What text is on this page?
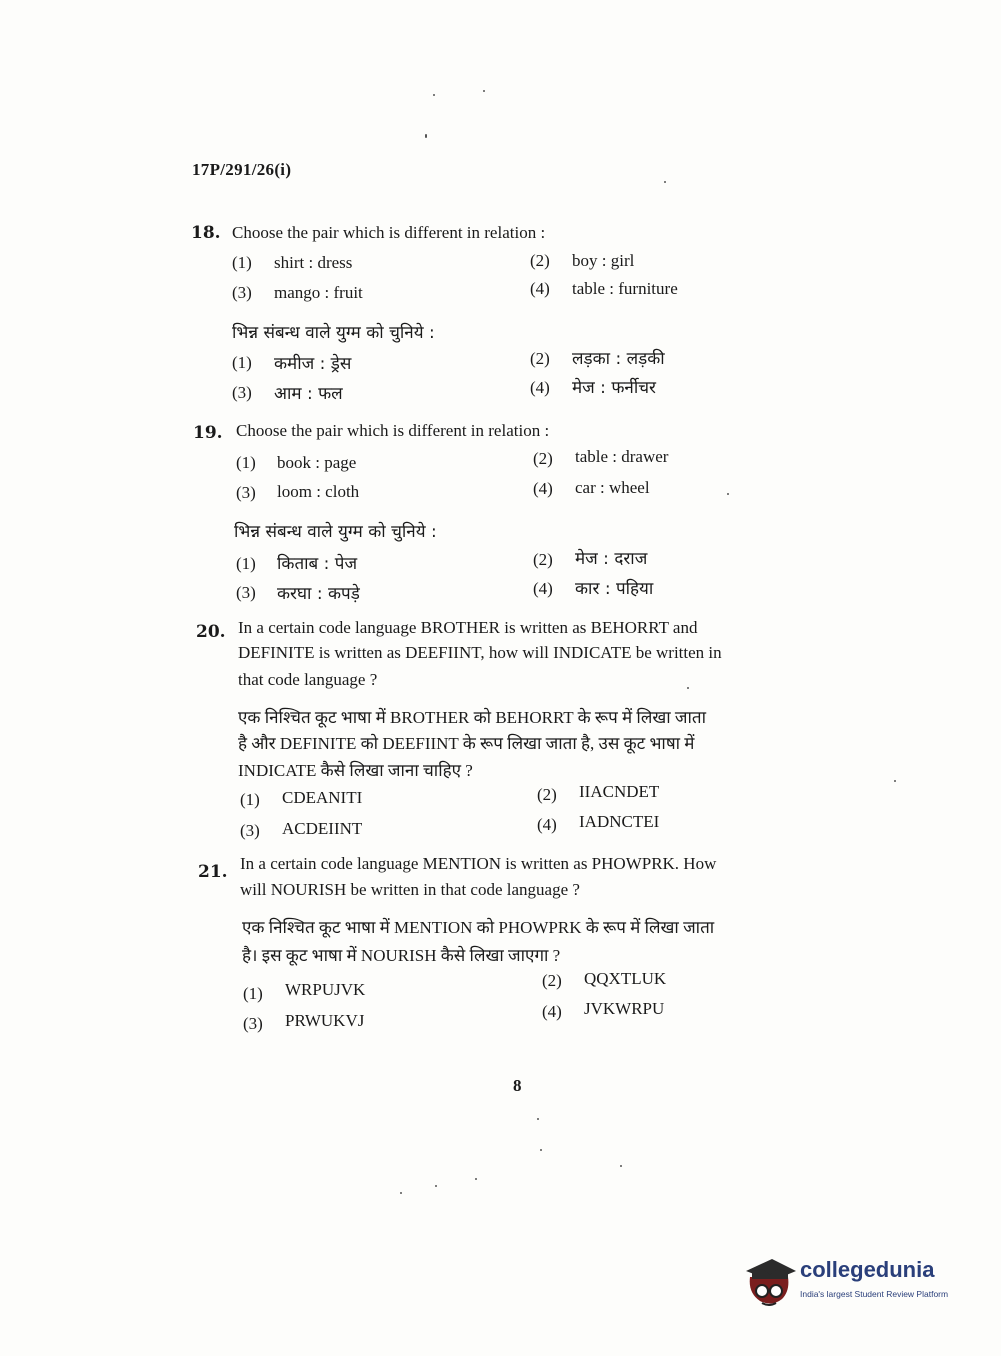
17P/291/26(i)
18. Choose the pair which is different in relation :
(1) shirt : dress	(2) boy : girl
(3) mango : fruit	(4) table : furniture
भिन्न संबन्ध वाले युग्म को चुनिये :
(1) कमीज : ड्रेस	(2) लड़का : लड़की
(3) आम : फल	(4) मेज : फर्नीचर
19. Choose the pair which is different in relation :
(1) book : page	(2) table : drawer
(3) loom : cloth	(4) car : wheel
भिन्न संबन्ध वाले युग्म को चुनिये :
(1) किताब : पेज	(2) मेज : दराज
(3) करघा : कपड़े	(4) कार : पहिया
20. In a certain code language BROTHER is written as BEHORRT and
DEFINITE is written as DEEFIINT, how will INDICATE be written in
that code language ?
एक निश्चित कूट भाषा में BROTHER को BEHORRT के रूप में लिखा जाता
है और DEFINITE को DEEFIINT के रूप लिखा जाता है, उस कूट भाषा में
INDICATE कैसे लिखा जाना चाहिए ?
(1) CDEANITI	(2) IIACNDET
(3) ACDEIINT	(4) IADNCTEI
21. In a certain code language MENTION is written as PHOWPRK. How
will NOURISH be written in that code language ?
एक निश्चित कूट भाषा में MENTION को PHOWPRK के रूप में लिखा जाता
है। इस कूट भाषा में NOURISH कैसे लिखा जाएगा ?
(1) WRPUJVK	(2) QQXTLUK
(3) PRWUKVJ	(4) JVKWRPU
8
collegedunia
India's largest Student Review Platform
